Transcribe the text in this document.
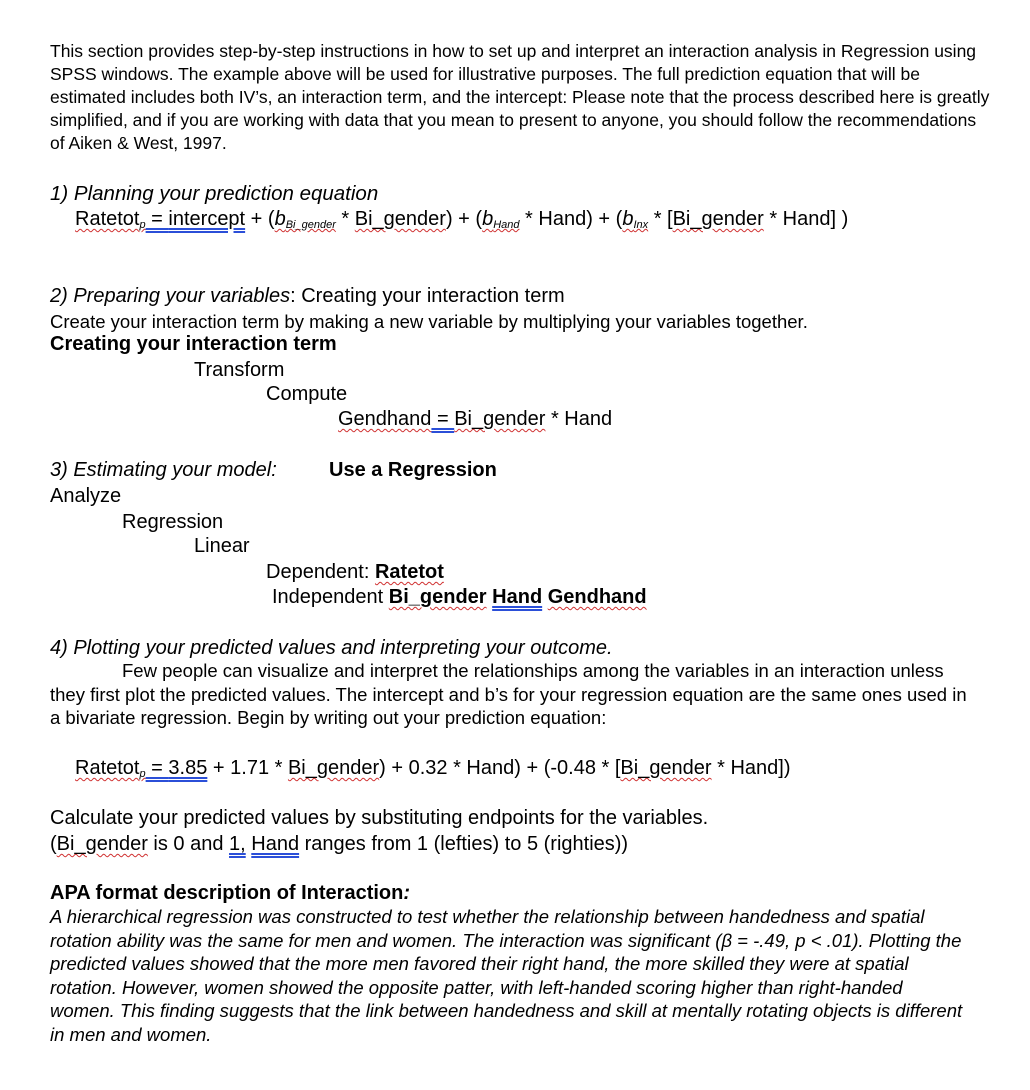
This section provides step-by-step instructions in how to set up and interpret an interaction analysis in Regression using SPSS windows. The example above will be used for illustrative purposes. The full prediction equation that will be estimated includes both IV’s, an interaction term, and the intercept: Please note that the process described here is greatly simplified, and if you are working with data that you mean to present to anyone, you should follow the recommendations of Aiken & West, 1997.

1) Planning your prediction equation
Ratetot$_p$ = intercept + ($b_{Bi\_gender}$ * Bi_gender) + ($b_{Hand}$ * Hand) + ($b_{Inx}$ * [Bi_gender * Hand] )
2) Preparing your variables: Creating your interaction term
Create your interaction term by making a new variable by multiplying your variables together.
Creating your interaction term
Transform
Compute
Gendhand = Bi_gender * Hand
3) Estimating your model:	Use a Regression
Analyze
Regression
Linear
Dependent: Ratetot
Independent Bi_gender Hand Gendhand
4) Plotting your predicted values and interpreting your outcome.

Few people can visualize and interpret the relationships among the variables in an interaction unless they first plot the predicted values. The intercept and b’s for your regression equation are the same ones used in a bivariate regression. Begin by writing out your prediction equation:

Ratetot$_p$ = 3.85 + 1.71 * Bi_gender) + 0.32 * Hand) + (-0.48 * [Bi_gender * Hand])
Calculate your predicted values by substituting endpoints for the variables.
(Bi_gender is 0 and 1, Hand ranges from 1 (lefties) to 5 (righties))
APA format description of Interaction:

A hierarchical regression was constructed to test whether the relationship between handedness and spatial rotation ability was the same for men and women. The interaction was significant (β = -.49, p < .01). Plotting the predicted values showed that the more men favored their right hand, the more skilled they were at spatial rotation. However, women showed the opposite patter, with left-handed scoring higher than right-handed women. This finding suggests that the link between handedness and skill at mentally rotating objects is different in men and women.
